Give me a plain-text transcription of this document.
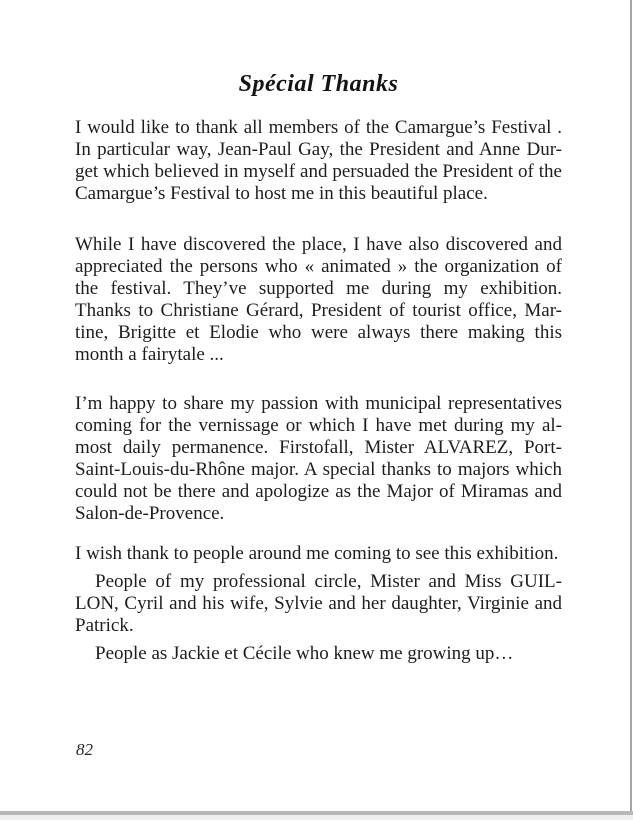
Spécial Thanks
I would like to thank all members of the Camargue’s Festival .
In particular way, Jean-Paul Gay, the President and Anne Dur-
get which believed in myself and persuaded the President of the
Camargue’s Festival to host me in this beautiful place.
While I have discovered the place, I have also discovered and
appreciated the persons who « animated » the organization of
the festival. They’ve supported me during my exhibition.
Thanks to Christiane Gérard, President of tourist office, Mar-
tine, Brigitte et Elodie who were always there making this
month a fairytale ...
I’m happy to share my passion with municipal representatives
coming for the vernissage or which I have met during my al-
most daily permanence. Firstofall, Mister ALVAREZ, Port-
Saint-Louis-du-Rhône major. A special thanks to majors which
could not be there and apologize as the Major of Miramas and
Salon-de-Provence.
I wish thank to people around me coming to see this exhibition.
People of my professional circle, Mister and Miss GUIL-
LON, Cyril and his wife, Sylvie and her daughter, Virginie and
Patrick.
People as Jackie et Cécile who knew me growing up…
82
